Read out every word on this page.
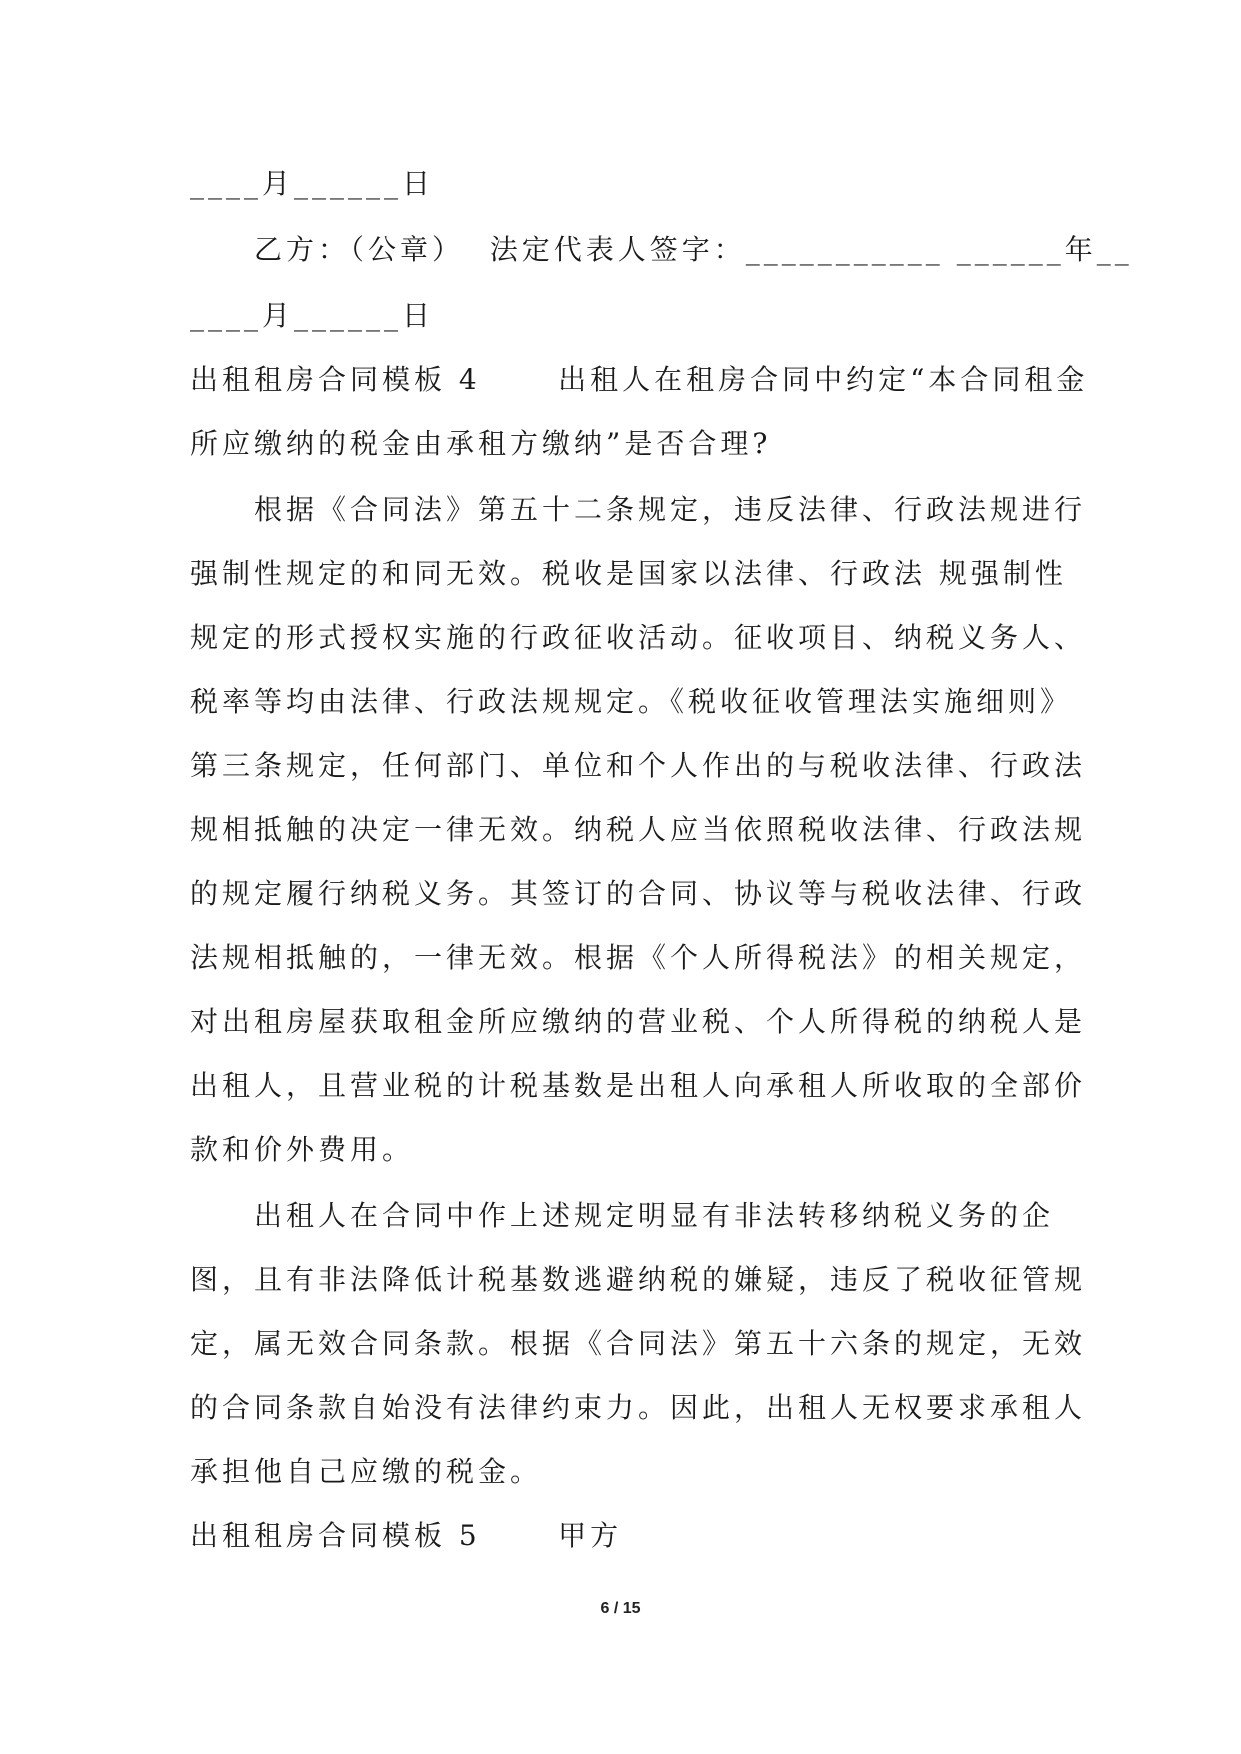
____月______日
乙方：（公章）  法定代表人签字：___________ ______年__
____月______日
出租租房合同模板 4      出租人在租房合同中约定“本合同租金
所应缴纳的税金由承租方缴纳”是否合理?
根据《合同法》第五十二条规定，违反法律、行政法规进行
强制性规定的和同无效。税收是国家以法律、行政法 规强制性
规定的形式授权实施的行政征收活动。征收项目、纳税义务人、
税率等均由法律、行政法规规定。《税收征收管理法实施细则》
第三条规定，任何部门、单位和个人作出的与税收法律、行政法
规相抵触的决定一律无效。纳税人应当依照税收法律、行政法规
的规定履行纳税义务。其签订的合同、协议等与税收法律、行政
法规相抵触的，一律无效。根据《个人所得税法》的相关规定，
对出租房屋获取租金所应缴纳的营业税、个人所得税的纳税人是
出租人，且营业税的计税基数是出租人向承租人所收取的全部价
款和价外费用。
出租人在合同中作上述规定明显有非法转移纳税义务的企
图，且有非法降低计税基数逃避纳税的嫌疑，违反了税收征管规
定，属无效合同条款。根据《合同法》第五十六条的规定，无效
的合同条款自始没有法律约束力。因此，出租人无权要求承租人
承担他自己应缴的税金。
出租租房合同模板 5      甲方
6 / 15
